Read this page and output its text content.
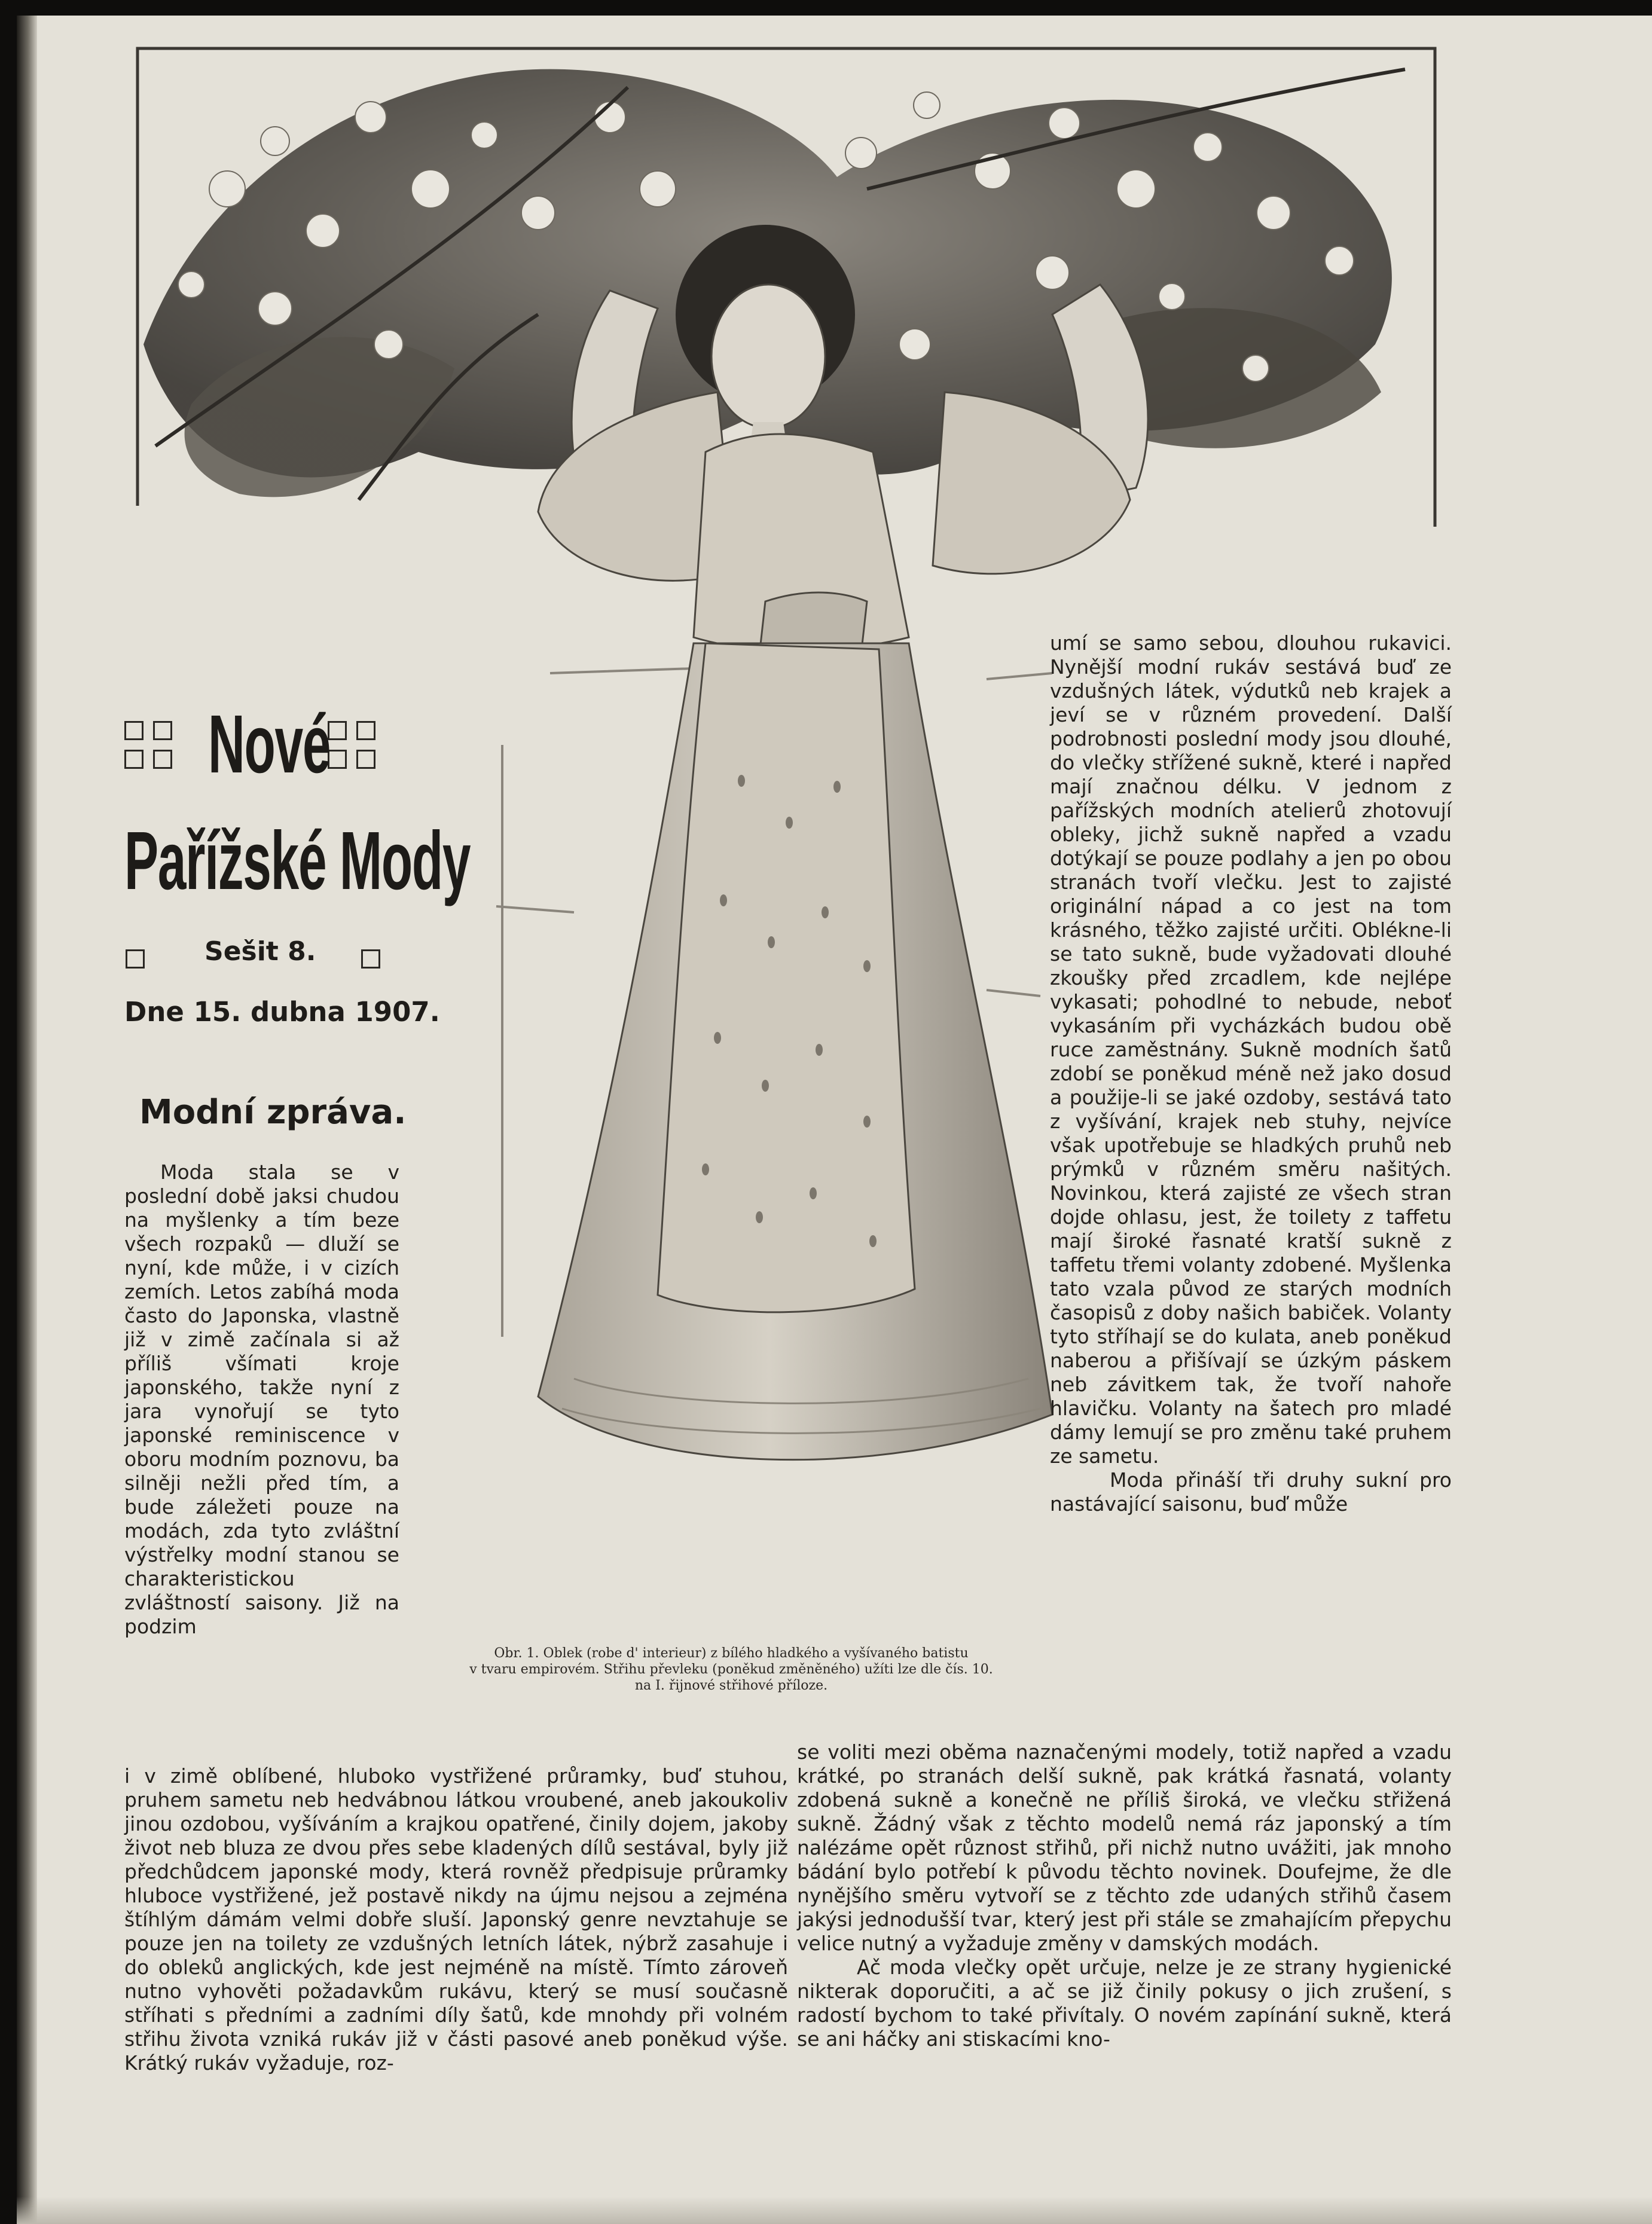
Obr. 1. Oblek (robe d' interieur) z bílého hladkého a vyšívaného batistu
v tvaru empirovém. Střihu převleku (poněkud změněného) užíti lze dle čís. 10.
na I. řijnové střihové příloze.
Nové
Pařížské Mody
Sešit 8.
Dne 15. dubna 1907.
Modní zpráva.

Moda stala se v poslední době jaksi chudou na myšlenky a tím beze všech rozpaků — dluží se nyní, kde může, i v cizích zemích. Letos zabíhá moda často do Japonska, vlastně již v zimě začínala si až příliš všímati kroje japonského, takže nyní z jara vynořují se tyto japonské reminiscence v oboru modním poznovu, ba silněji nežli před tím, a bude záležeti pouze na modách, zda tyto zvláštní výstřelky modní stanou se charakteristickou zvláštností saisony. Již na podzim

i v zimě oblíbené, hluboko vystřižené průramky, buď stuhou, pruhem sametu neb hedvábnou látkou vroubené, aneb jakoukoliv jinou ozdobou, vyšíváním a krajkou opatřené, činily dojem, jakoby život neb bluza ze dvou přes sebe kladených dílů sestával, byly již předchůdcem japonské mody, která rovněž předpisuje průramky hluboce vystřižené, jež postavě nikdy na újmu nejsou a zejména štíhlým dámám velmi dobře sluší. Japonský genre nevztahuje se pouze jen na toilety ze vzdušných letních látek, nýbrž zasahuje i do obleků anglických, kde jest nejméně na místě. Tímto zároveň nutno vyhověti požadavkům rukávu, který se musí současně stříhati s předními a zadními díly šatů, kde mnohdy při volném střihu života vzniká rukáv již v části pasové aneb poněkud výše. Krátký rukáv vyžaduje, roz-

umí se samo sebou, dlouhou rukavici. Nynější modní rukáv sestává buď ze vzdušných látek, výdutků neb krajek a jeví se v různém provedení. Další podrobnosti poslední mody jsou dlouhé, do vlečky střížené sukně, které i napřed mají značnou délku. V jednom z pařížských modních atelierů zhotovují obleky, jichž sukně napřed a vzadu dotýkají se pouze podlahy a jen po obou stranách tvoří vlečku. Jest to zajisté originální nápad a co jest na tom krásného, těžko zajisté určiti. Oblékne-li se tato sukně, bude vyžadovati dlouhé zkoušky před zrcadlem, kde nejlépe vykasati; pohodlné to nebude, neboť vykasáním při vycházkách budou obě ruce zaměstnány. Sukně modních šatů zdobí se poněkud méně než jako dosud a použije-li se jaké ozdoby, sestává tato z vyšívání, krajek neb stuhy, nejvíce však upotřebuje se hladkých pruhů neb prýmků v různém směru našitých. Novinkou, která zajisté ze všech stran dojde ohlasu, jest, že toilety z taffetu mají široké řasnaté kratší sukně z taffetu třemi volanty zdobené. Myšlenka tato vzala původ ze starých modních časopisů z doby našich babiček. Volanty tyto stříhají se do kulata, aneb poněkud naberou a přišívají se úzkým páskem neb závitkem tak, že tvoří nahoře hlavičku. Volanty na šatech pro mladé dámy lemují se pro změnu také pruhem ze sametu.

Moda přináší tři druhy sukní pro nastávající saisonu, buď může

se voliti mezi oběma naznačenými modely, totiž napřed a vzadu krátké, po stranách delší sukně, pak krátká řasnatá, volanty zdobená sukně a konečně ne příliš široká, ve vlečku střižená sukně. Žádný však z těchto modelů nemá ráz japonský a tím nalézáme opět různost střihů, při nichž nutno uvážiti, jak mnoho bádání bylo potřebí k původu těchto novinek. Doufejme, že dle nynějšího směru vytvoří se z těchto zde udaných střihů časem jakýsi jednodušší tvar, který jest při stále se zmahajícím přepychu velice nutný a vyžaduje změny v damských modách.

Ač moda vlečky opět určuje, nelze je ze strany hygienické nikterak doporučiti, a ač se již činily pokusy o jich zrušení, s radostí bychom to také přivítaly. O novém zapínání sukně, která se ani háčky ani stiskacími kno-
